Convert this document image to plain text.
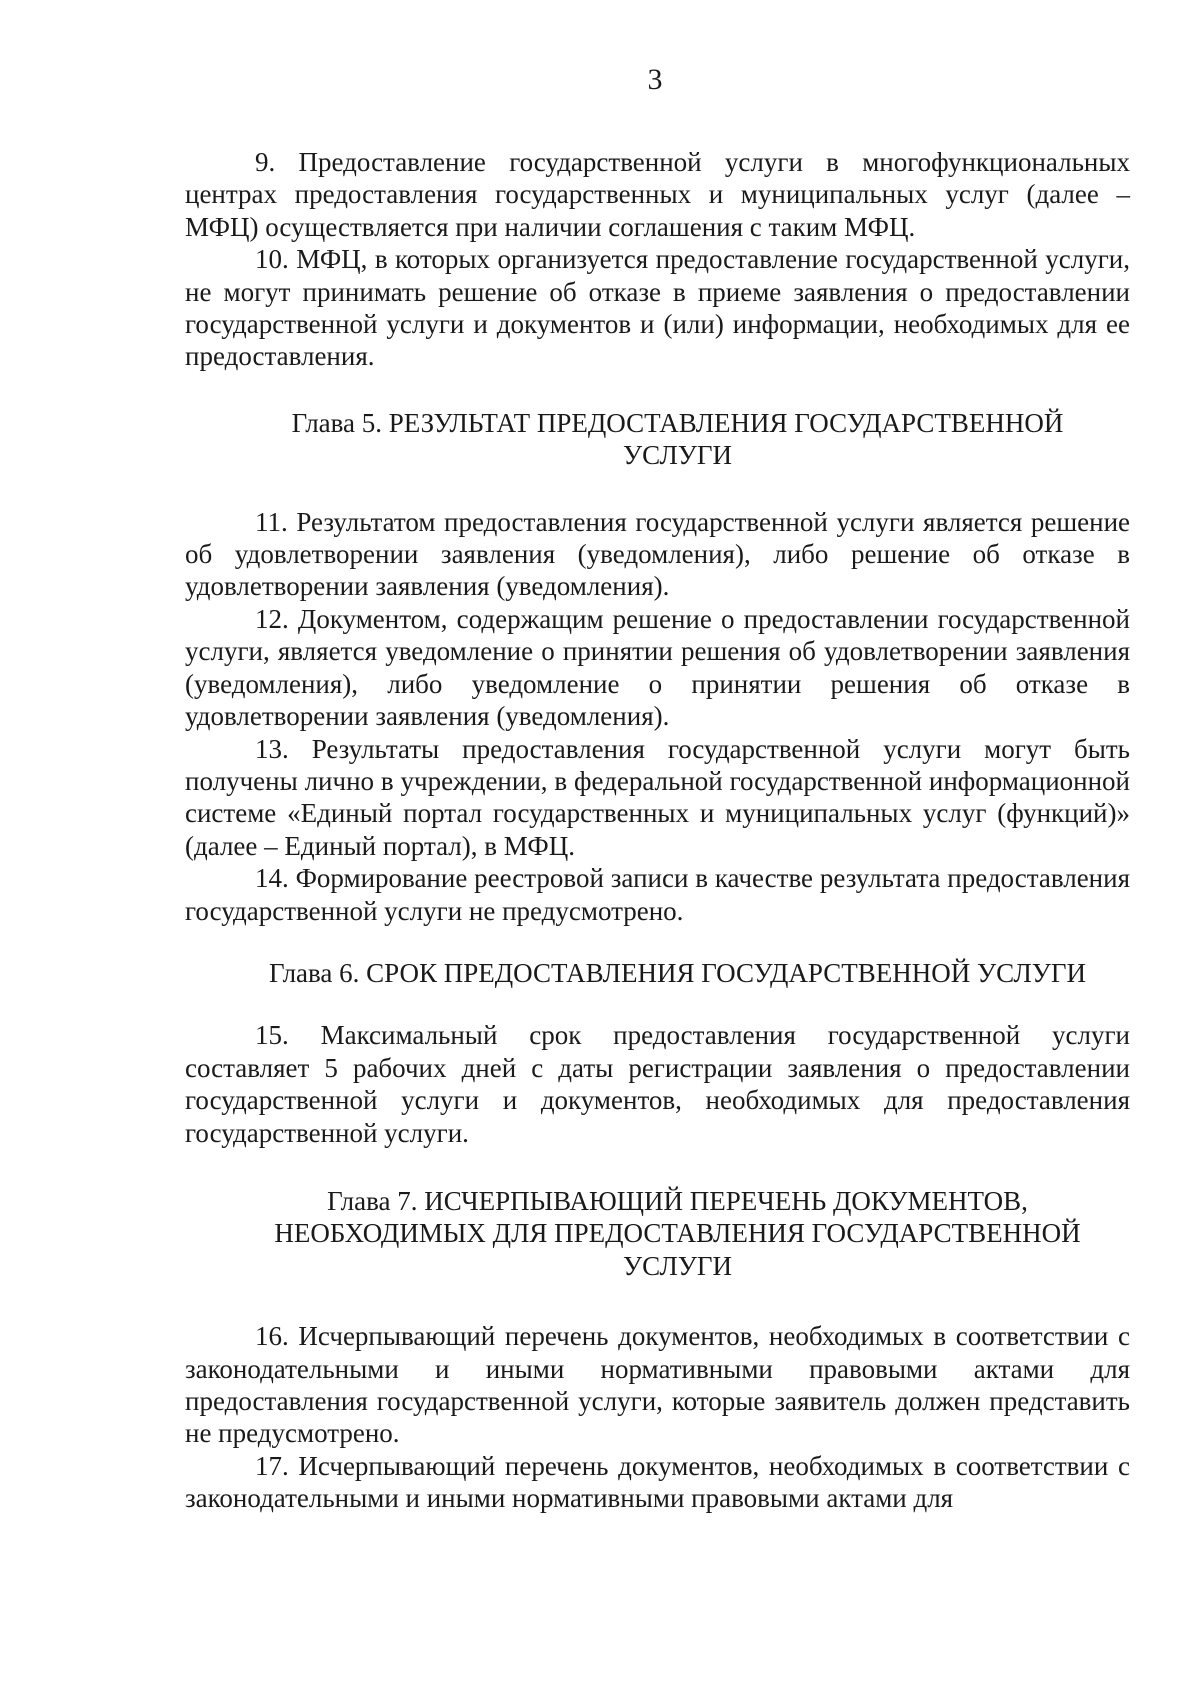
3

9. Предоставление государственной услуги в многофункциональных центрах предоставления государственных и муниципальных услуг (далее – МФЦ) осуществляется при наличии соглашения с таким МФЦ.

10. МФЦ, в которых организуется предоставление государственной услуги, не могут принимать решение об отказе в приеме заявления о предоставлении государственной услуги и документов и (или) информации, необходимых для ее предоставления.

Глава 5. РЕЗУЛЬТАТ ПРЕДОСТАВЛЕНИЯ ГОСУДАРСТВЕННОЙ
УСЛУГИ

11. Результатом предоставления государственной услуги является решение об удовлетворении заявления (уведомления), либо решение об отказе в удовлетворении заявления (уведомления).

12. Документом, содержащим решение о предоставлении государственной услуги, является уведомление о принятии решения об удовлетворении заявления (уведомления), либо уведомление о принятии решения об отказе в удовлетворении заявления (уведомления).

13. Результаты предоставления государственной услуги могут быть получены лично в учреждении, в федеральной государственной информационной системе «Единый портал государственных и муниципальных услуг (функций)» (далее – Единый портал), в МФЦ.

14. Формирование реестровой записи в качестве результата предоставления государственной услуги не предусмотрено.

Глава 6. СРОК ПРЕДОСТАВЛЕНИЯ ГОСУДАРСТВЕННОЙ УСЛУГИ

15. Максимальный срок предоставления государственной услуги составляет 5 рабочих дней с даты регистрации заявления о предоставлении государственной услуги и документов, необходимых для предоставления государственной услуги.

Глава 7. ИСЧЕРПЫВАЮЩИЙ ПЕРЕЧЕНЬ ДОКУМЕНТОВ,
НЕОБХОДИМЫХ ДЛЯ ПРЕДОСТАВЛЕНИЯ ГОСУДАРСТВЕННОЙ
УСЛУГИ

16. Исчерпывающий перечень документов, необходимых в соответствии с законодательными и иными нормативными правовыми актами для предоставления государственной услуги, которые заявитель должен представить не предусмотрено.

17. Исчерпывающий перечень документов, необходимых в соответствии с законодательными и иными нормативными правовыми актами для
